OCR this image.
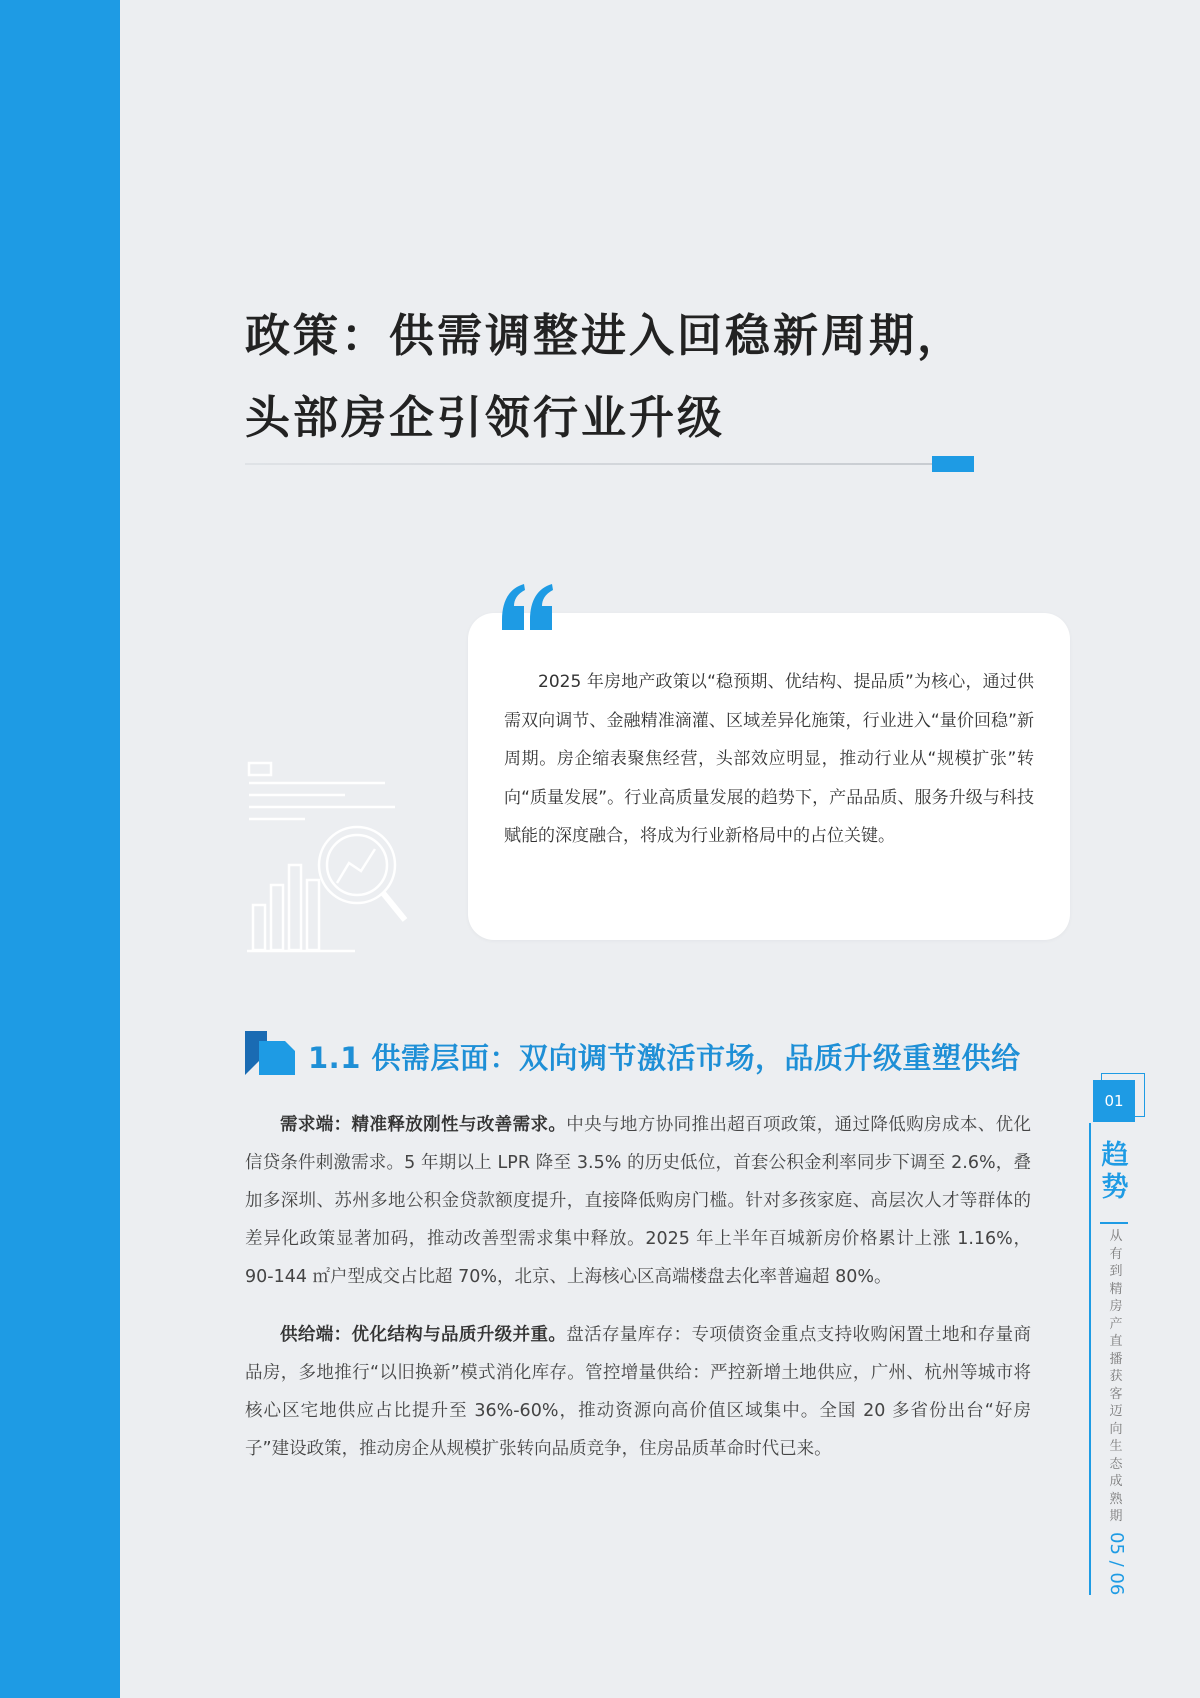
政策：供需调整进入回稳新周期，
头部房企引领行业升级
2025 年房地产政策以“稳预期、优结构、提品质”为核心，通过供需双向调节、金融精准滴灌、区域差异化施策，行业进入“量价回稳”新周期。房企缩表聚焦经营，头部效应明显，推动行业从“规模扩张”转向“质量发展”。行业高质量发展的趋势下，产品品质、服务升级与科技赋能的深度融合，将成为行业新格局中的占位关键。
1.1 供需层面：双向调节激活市场，品质升级重塑供给
需求端：精准释放刚性与改善需求。中央与地方协同推出超百项政策，通过降低购房成本、优化信贷条件刺激需求。5 年期以上 LPR 降至 3.5% 的历史低位，首套公积金利率同步下调至 2.6%，叠加多深圳、苏州多地公积金贷款额度提升，直接降低购房门槛。针对多孩家庭、高层次人才等群体的差异化政策显著加码，推动改善型需求集中释放。2025 年上半年百城新房价格累计上涨 1.16%，90-144 ㎡户型成交占比超 70%，北京、上海核心区高端楼盘去化率普遍超 80%。
供给端：优化结构与品质升级并重。盘活存量库存：专项债资金重点支持收购闲置土地和存量商品房，多地推行“以旧换新”模式消化库存。管控增量供给：严控新增土地供应，广州、杭州等城市将核心区宅地供应占比提升至 36%-60%，推动资源向高价值区域集中。全国 20 多省份出台“好房子”建设政策，推动房企从规模扩张转向品质竞争，住房品质革命时代已来。
01
趋势
从有到精
房产直播获客迈向生态成熟期
05 / 06
